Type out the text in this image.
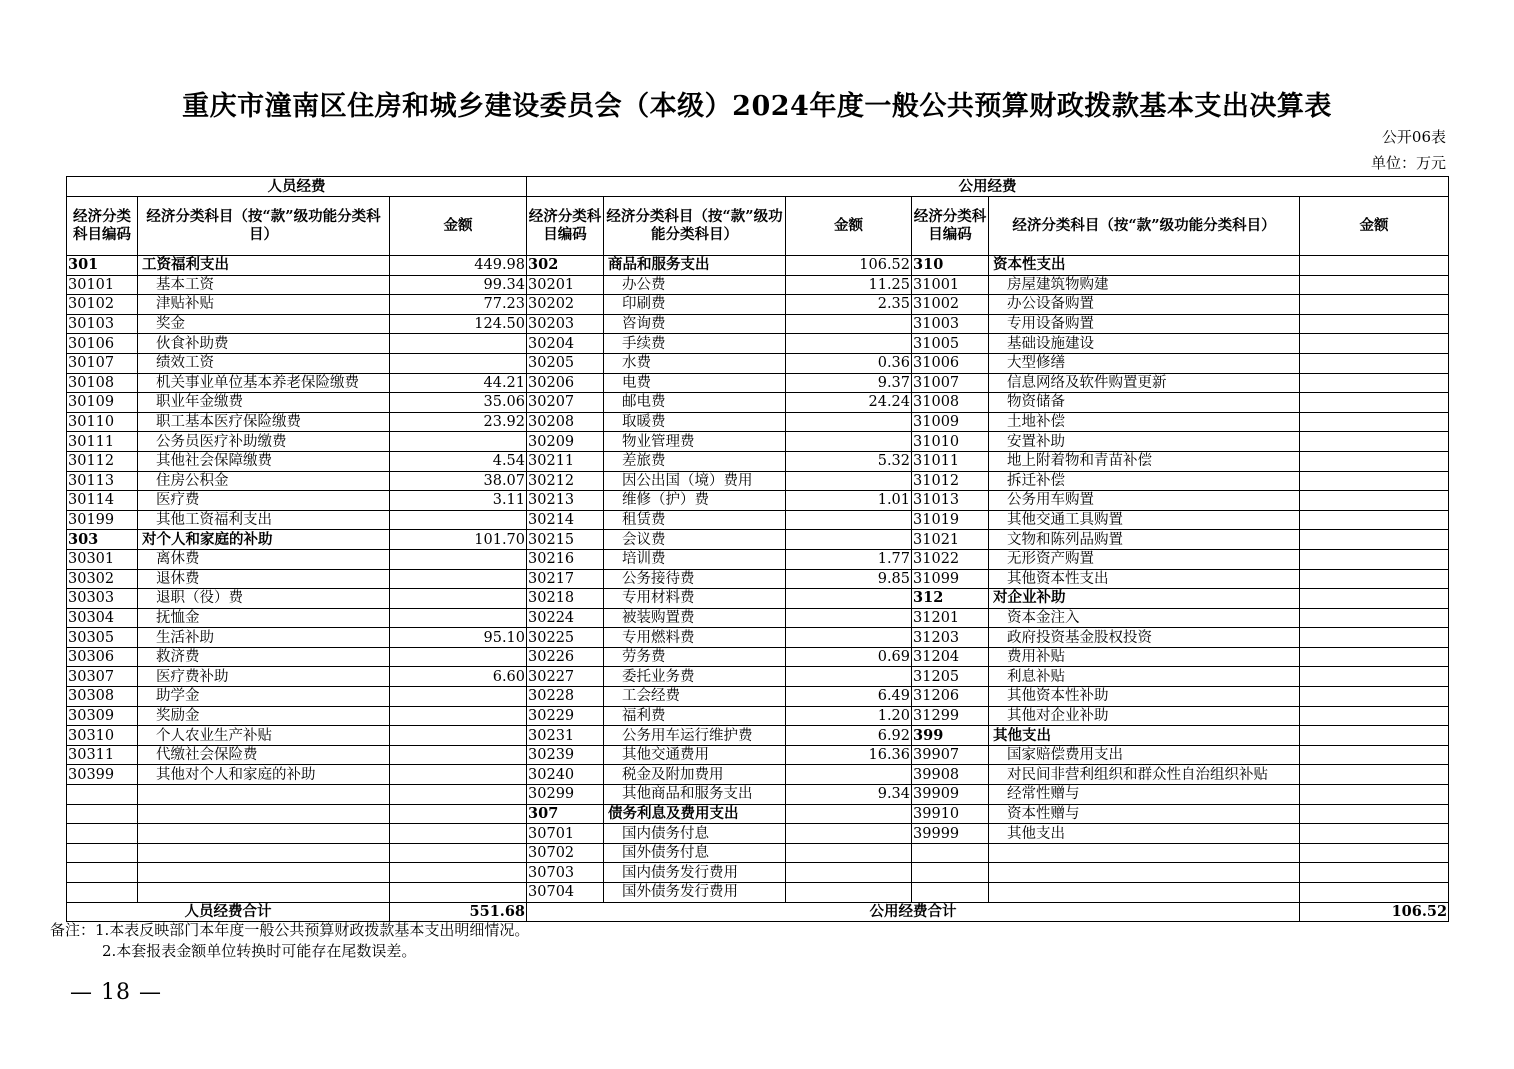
重庆市潼南区住房和城乡建设委员会（本级）2024年度一般公共预算财政拨款基本支出决算表
公开06表
单位：万元
人员经费			公用经费					
经济分类科目编码	经济分类科目（按“款”级功能分类科目）	金额	经济分类科目编码	经济分类科目（按“款”级功能分类科目）	金额	经济分类科目编码	经济分类科目（按“款”级功能分类科目）	金额
301	工资福利支出	449.98	302	商品和服务支出	106.52	310	资本性支出	
30101	基本工资	99.34	30201	办公费	11.25	31001	房屋建筑物购建	
30102	津贴补贴	77.23	30202	印刷费	2.35	31002	办公设备购置	
30103	奖金	124.50	30203	咨询费		31003	专用设备购置	
30106	伙食补助费		30204	手续费		31005	基础设施建设	
30107	绩效工资		30205	水费	0.36	31006	大型修缮	
30108	机关事业单位基本养老保险缴费	44.21	30206	电费	9.37	31007	信息网络及软件购置更新	
30109	职业年金缴费	35.06	30207	邮电费	24.24	31008	物资储备	
30110	职工基本医疗保险缴费	23.92	30208	取暖费		31009	土地补偿	
30111	公务员医疗补助缴费		30209	物业管理费		31010	安置补助	
30112	其他社会保障缴费	4.54	30211	差旅费	5.32	31011	地上附着物和青苗补偿	
30113	住房公积金	38.07	30212	因公出国（境）费用		31012	拆迁补偿	
30114	医疗费	3.11	30213	维修（护）费	1.01	31013	公务用车购置	
30199	其他工资福利支出		30214	租赁费		31019	其他交通工具购置	
303	对个人和家庭的补助	101.70	30215	会议费		31021	文物和陈列品购置	
30301	离休费		30216	培训费	1.77	31022	无形资产购置	
30302	退休费		30217	公务接待费	9.85	31099	其他资本性支出	
30303	退职（役）费		30218	专用材料费		312	对企业补助	
30304	抚恤金		30224	被装购置费		31201	资本金注入	
30305	生活补助	95.10	30225	专用燃料费		31203	政府投资基金股权投资	
30306	救济费		30226	劳务费	0.69	31204	费用补贴	
30307	医疗费补助	6.60	30227	委托业务费		31205	利息补贴	
30308	助学金		30228	工会经费	6.49	31206	其他资本性补助	
30309	奖励金		30229	福利费	1.20	31299	其他对企业补助	
30310	个人农业生产补贴		30231	公务用车运行维护费	6.92	399	其他支出	
30311	代缴社会保险费		30239	其他交通费用	16.36	39907	国家赔偿费用支出	
30399	其他对个人和家庭的补助		30240	税金及附加费用		39908	对民间非营利组织和群众性自治组织补贴	
			30299	其他商品和服务支出	9.34	39909	经常性赠与	
			307	债务利息及费用支出		39910	资本性赠与	
			30701	国内债务付息		39999	其他支出	
			30702	国外债务付息				
			30703	国内债务发行费用				
			30704	国外债务发行费用				
人员经费合计		551.68	公用经费合计					106.52
备注：1.本表反映部门本年度一般公共预算财政拨款基本支出明细情况。
2.本套报表金额单位转换时可能存在尾数误差。
— 18 —
